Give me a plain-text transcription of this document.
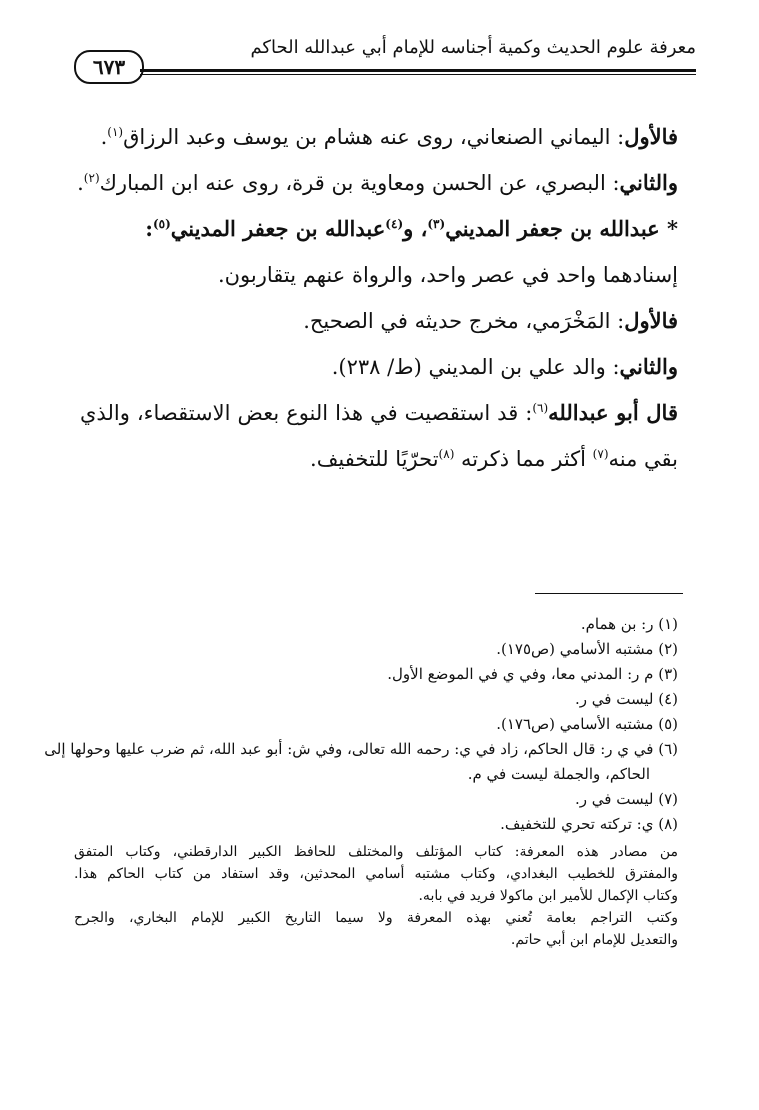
معرفة علوم الحديث وكمية أجناسه للإمام أبي عبدالله الحاكم
٦٧٣

فالأول: اليماني الصنعاني، روى عنه هشام بن يوسف وعبد الرزاق$^{(١)}$.

والثاني: البصري، عن الحسن ومعاوية بن قرة، روى عنه ابن المبارك$^{(٢)}$.

* عبدالله بن جعفر المديني$^{(٣)}$، و$^{(٤)}$عبدالله بن جعفر المديني$^{(٥)}$:

إسنادهما واحد في عصر واحد، والرواة عنهم يتقاربون.

فالأول: المَخْرَمي، مخرج حديثه في الصحيح.

والثاني: والد علي بن المديني (ط/ ٢٣٨).

قال أبو عبدالله$^{(٦)}$: قد استقصيت في هذا النوع بعض الاستقصاء، والذي

بقي منه$^{(٧)}$ أكثر مما ذكرته $^{(٨)}$تحرّيًا للتخفيف.

(١) ر: بن همام.

(٢) مشتبه الأسامي (ص١٧٥).

(٣) م ر: المدني معا، وفي ي في الموضع الأول.

(٤) ليست في ر.

(٥) مشتبه الأسامي (ص١٧٦).

(٦) في ي ر: قال الحاكم، زاد في ي: رحمه الله تعالى، وفي ش: أبو عبد الله، ثم ضرب عليها وحولها إلى

الحاكم، والجملة ليست في م.

(٧) ليست في ر.

(٨) ي: تركته تحري للتخفيف.

من مصادر هذه المعرفة: كتاب المؤتلف والمختلف للحافظ الكبير الدارقطني، وكتاب المتفق

والمفترق للخطيب البغدادي، وكتاب مشتبه أسامي المحدثين، وقد استفاد من كتاب الحاكم هذا.

وكتاب الإكمال للأمير ابن ماكولا فريد في بابه.

وكتب التراجم بعامة تُعني بهذه المعرفة ولا سيما التاريخ الكبير للإمام البخاري، والجرح

والتعديل للإمام ابن أبي حاتم.
